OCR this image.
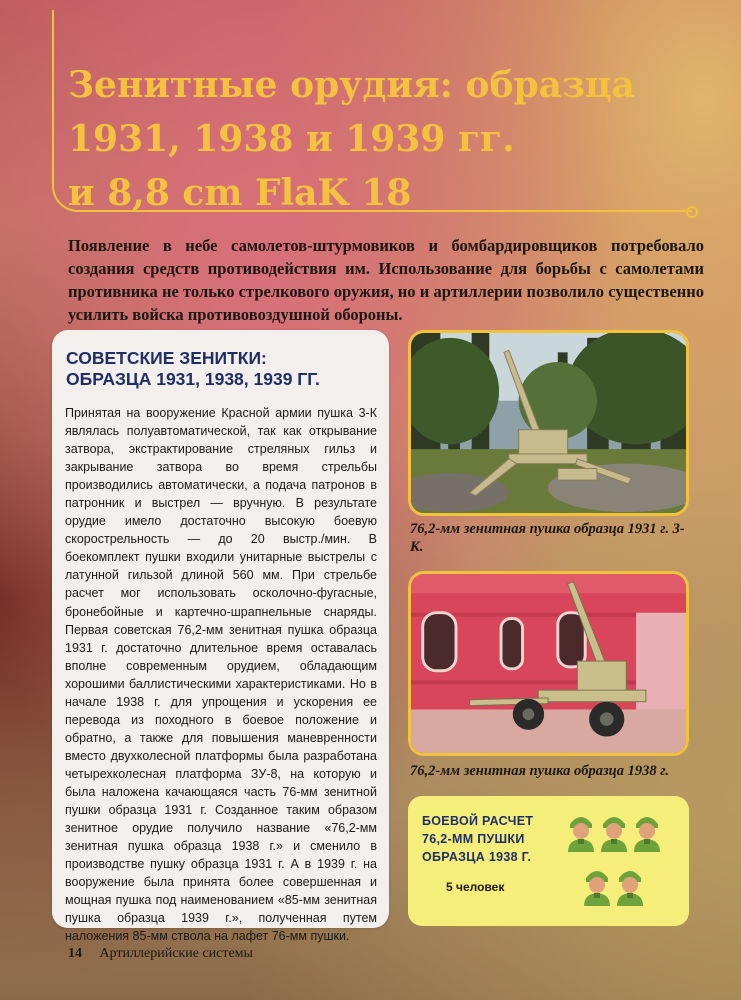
Зенитные орудия: образца
1931, 1938 и 1939 гг.
и 8,8 cm FlaK 18

Появление в небе самолетов-штурмовиков и бомбардировщиков потребовало создания средств противодействия им. Использование для борьбы с самолетами противника не только стрелкового оружия, но и артиллерии позволило существенно усилить войска противовоздушной обороны.

СОВЕТСКИЕ ЗЕНИТКИ:
ОБРАЗЦА 1931, 1938, 1939 ГГ.

Принятая на вооружение Красной армии пушка 3-К являлась полуавтоматической, так как открывание затвора, экстрактирование стреляных гильз и закрывание затвора во время стрельбы производились автоматически, а подача патронов в патронник и выстрел — вручную. В результате орудие имело достаточно высокую боевую скорострельность — до 20 выстр./мин. В боекомплект пушки входили унитарные выстрелы с латунной гильзой длиной 560 мм. При стрельбе расчет мог использовать осколочно-фугасные, бронебойные и картечно-шрапнельные снаряды. Первая советская 76,2-мм зенитная пушка образца 1931 г. достаточно длительное время оставалась вполне современным орудием, обладающим хорошими баллистическими характеристиками. Но в начале 1938 г. для упрощения и ускорения ее перевода из походного в боевое положение и обратно, а также для повышения маневренности вместо двухколесной платформы была разработана четырехколесная платформа ЗУ-8, на которую и была наложена качающаяся часть 76-мм зенитной пушки образца 1931 г. Созданное таким образом зенитное орудие получило название «76,2-мм зенитная пушка образца 1938 г.» и сменило в производстве пушку образца 1931 г. А в 1939 г. на вооружение была принята более совершенная и мощная пушка под наименованием «85-мм зенитная пушка образца 1939 г.», полученная путем наложения 85-мм ствола на лафет 76-мм пушки.

76,2-мм зенитная пушка образца 1931 г. 3-К.

76,2-мм зенитная пушка образца 1938 г.

БОЕВОЙ РАСЧЕТ
76,2-ММ ПУШКИ
ОБРАЗЦА 1938 Г.
5 человек
14 Артиллерийские системы
